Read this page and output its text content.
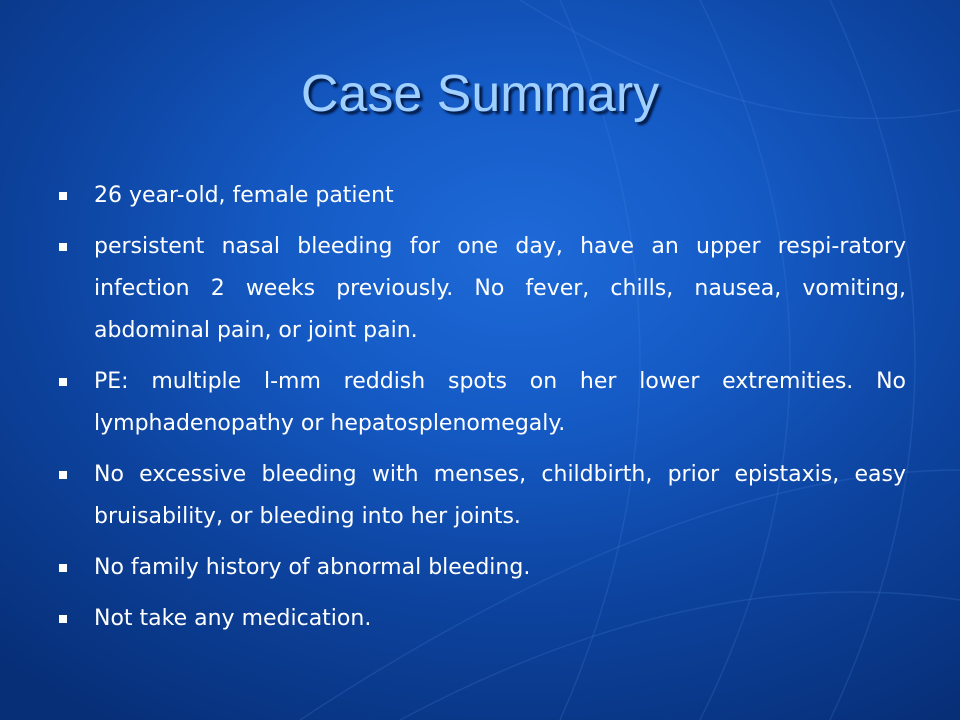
Case Summary
26 year-old, female patient
persistent nasal bleeding for one day, have an upper respi-ratory infection 2 weeks previously. No fever, chills, nausea, vomiting, abdominal pain, or joint pain.
PE: multiple l-mm reddish spots on her lower extremities. No lymphadenopathy or hepatosplenomegaly.
No excessive bleeding with menses, childbirth, prior epistaxis, easy bruisability, or bleeding into her joints.
No family history of abnormal bleeding.
Not take any medication.
